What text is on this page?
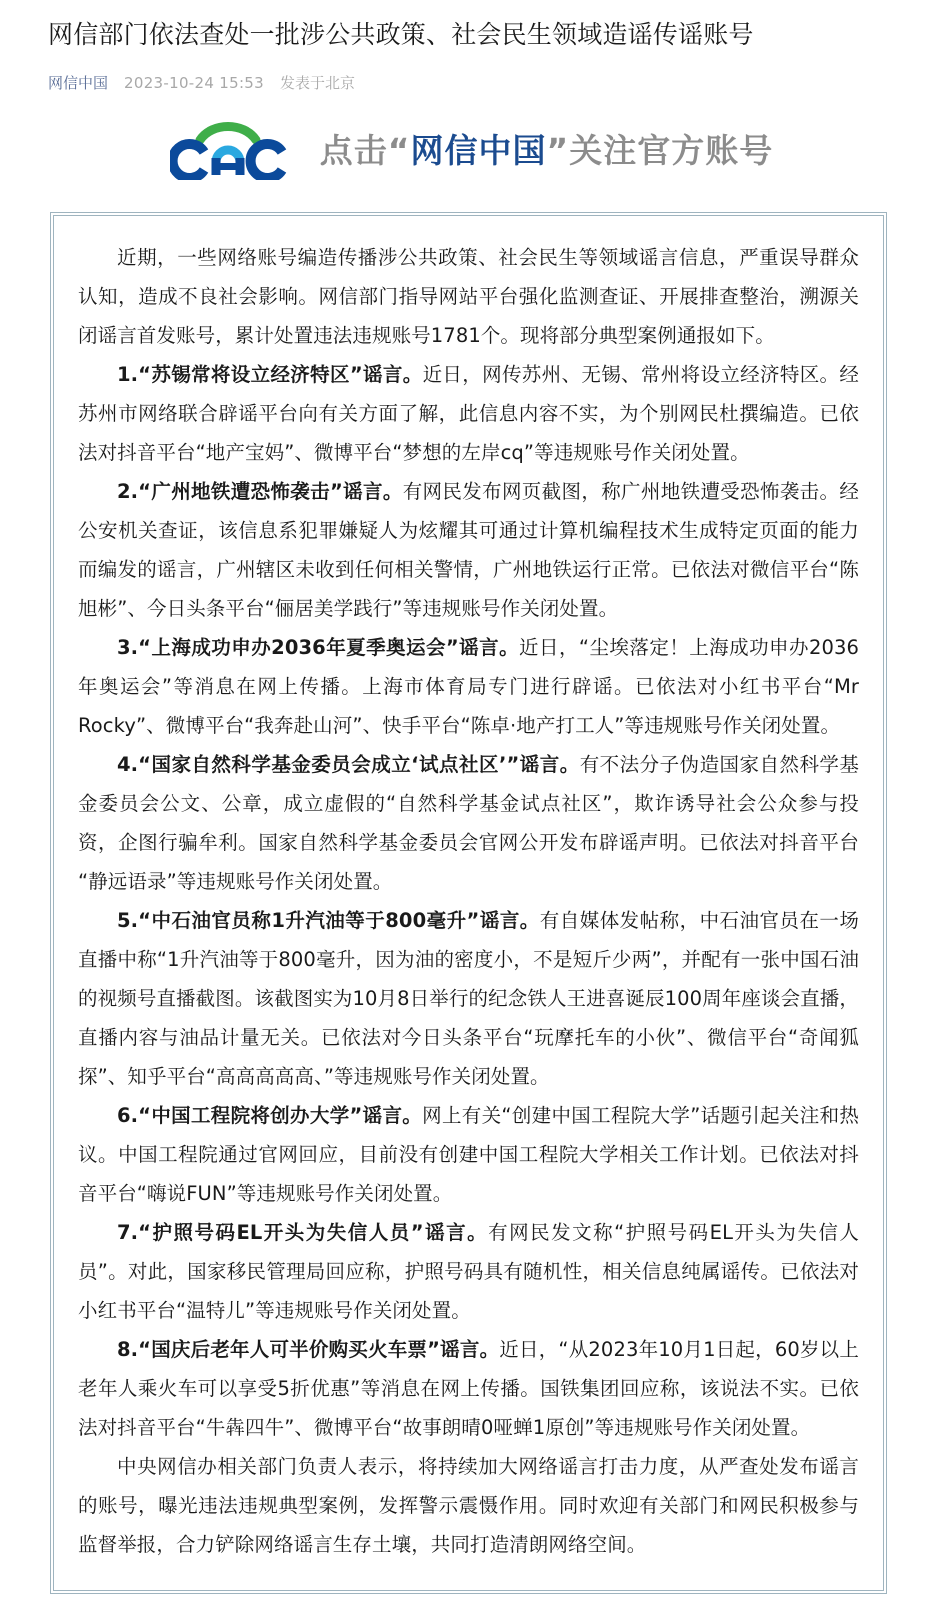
网信部门依法查处一批涉公共政策、社会民生领域造谣传谣账号
网信中国 2023-10-24 15:53 发表于北京
点击“网信中国”关注官方账号

近期，一些网络账号编造传播涉公共政策、社会民生等领域谣言信息，严重误导群众认知，造成不良社会影响。网信部门指导网站平台强化监测查证、开展排查整治，溯源关闭谣言首发账号，累计处置违法违规账号1781个。现将部分典型案例通报如下。

1.“苏锡常将设立经济特区”谣言。近日，网传苏州、无锡、常州将设立经济特区。经苏州市网络联合辟谣平台向有关方面了解，此信息内容不实，为个别网民杜撰编造。已依法对抖音平台“地产宝妈”、微博平台“梦想的左岸cq”等违规账号作关闭处置。

2.“广州地铁遭恐怖袭击”谣言。有网民发布网页截图，称广州地铁遭受恐怖袭击。经公安机关查证，该信息系犯罪嫌疑人为炫耀其可通过计算机编程技术生成特定页面的能力而编发的谣言，广州辖区未收到任何相关警情，广州地铁运行正常。已依法对微信平台“陈旭彬”、今日头条平台“俪居美学践行”等违规账号作关闭处置。

3.“上海成功申办2036年夏季奥运会”谣言。近日，“尘埃落定！上海成功申办2036年奥运会”等消息在网上传播。上海市体育局专门进行辟谣。已依法对小红书平台“Mr Rocky”、微博平台“我奔赴山河”、快手平台“陈卓·地产打工人”等违规账号作关闭处置。

4.“国家自然科学基金委员会成立‘试点社区’”谣言。有不法分子伪造国家自然科学基金委员会公文、公章，成立虚假的“自然科学基金试点社区”，欺诈诱导社会公众参与投资，企图行骗牟利。国家自然科学基金委员会官网公开发布辟谣声明。已依法对抖音平台“静远语录”等违规账号作关闭处置。

5.“中石油官员称1升汽油等于800毫升”谣言。有自媒体发帖称，中石油官员在一场直播中称“1升汽油等于800毫升，因为油的密度小，不是短斤少两”，并配有一张中国石油的视频号直播截图。该截图实为10月8日举行的纪念铁人王进喜诞辰100周年座谈会直播，直播内容与油品计量无关。已依法对今日头条平台“玩摩托车的小伙”、微信平台“奇闻狐探”、知乎平台“高高高高高、”等违规账号作关闭处置。

6.“中国工程院将创办大学”谣言。网上有关“创建中国工程院大学”话题引起关注和热议。中国工程院通过官网回应，目前没有创建中国工程院大学相关工作计划。已依法对抖音平台“嗨说FUN”等违规账号作关闭处置。

7.“护照号码EL开头为失信人员”谣言。有网民发文称“护照号码EL开头为失信人员”。对此，国家移民管理局回应称，护照号码具有随机性，相关信息纯属谣传。已依法对小红书平台“温特儿”等违规账号作关闭处置。

8.“国庆后老年人可半价购买火车票”谣言。近日，“从2023年10月1日起，60岁以上老年人乘火车可以享受5折优惠”等消息在网上传播。国铁集团回应称，该说法不实。已依法对抖音平台“牛犇四牛”、微博平台“故事朗晴0哑蝉1原创”等违规账号作关闭处置。

中央网信办相关部门负责人表示，将持续加大网络谣言打击力度，从严查处发布谣言的账号，曝光违法违规典型案例，发挥警示震慑作用。同时欢迎有关部门和网民积极参与监督举报，合力铲除网络谣言生存土壤，共同打造清朗网络空间。
